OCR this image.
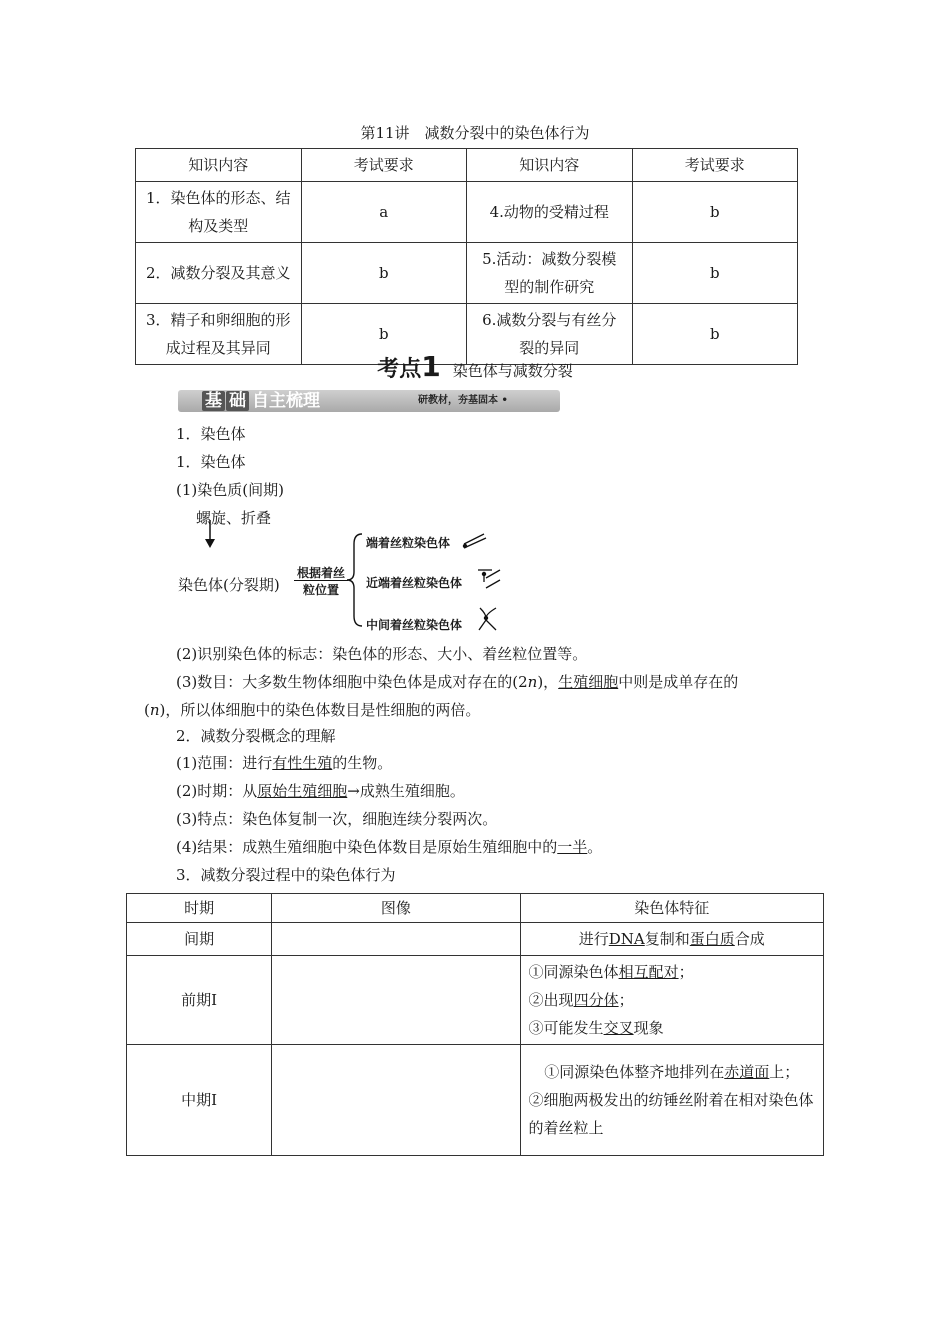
第11讲　减数分裂中的染色体行为
知识内容	考试要求	知识内容	考试要求
1．染色体的形态、结构及类型	a	4.动物的受精过程	b
2．减数分裂及其意义	b	5.活动：减数分裂模型的制作研究	b
3．精子和卵细胞的形成过程及其异同	b	6.减数分裂与有丝分裂的异同	b
考点1 染色体与减数分裂
基 础 自主梳理	研教材，夯基固本 •
1．染色体
1．染色体
(1)染色质(间期)
螺旋、折叠
染色体(分裂期)
根据着丝
粒位置
端着丝粒染色体
近端着丝粒染色体
中间着丝粒染色体
(2)识别染色体的标志：染色体的形态、大小、着丝粒位置等。
(3)数目：大多数生物体细胞中染色体是成对存在的(2n)，生殖细胞中则是成单存在的
(n)，所以体细胞中的染色体数目是性细胞的两倍。
2．减数分裂概念的理解
(1)范围：进行有性生殖的生物。
(2)时期：从原始生殖细胞→成熟生殖细胞。
(3)特点：染色体复制一次，细胞连续分裂两次。
(4)结果：成熟生殖细胞中染色体数目是原始生殖细胞中的一半。
3．减数分裂过程中的染色体行为
时期	图像	染色体特征
间期		进行DNA复制和蛋白质合成
前期Ⅰ		①同源染色体相互配对；
②出现四分体；
③可能发生交叉现象

中期Ⅰ		①同源染色体整齐地排列在赤道面上；
②细胞两极发出的纺锤丝附着在相对染色体的着丝粒上
